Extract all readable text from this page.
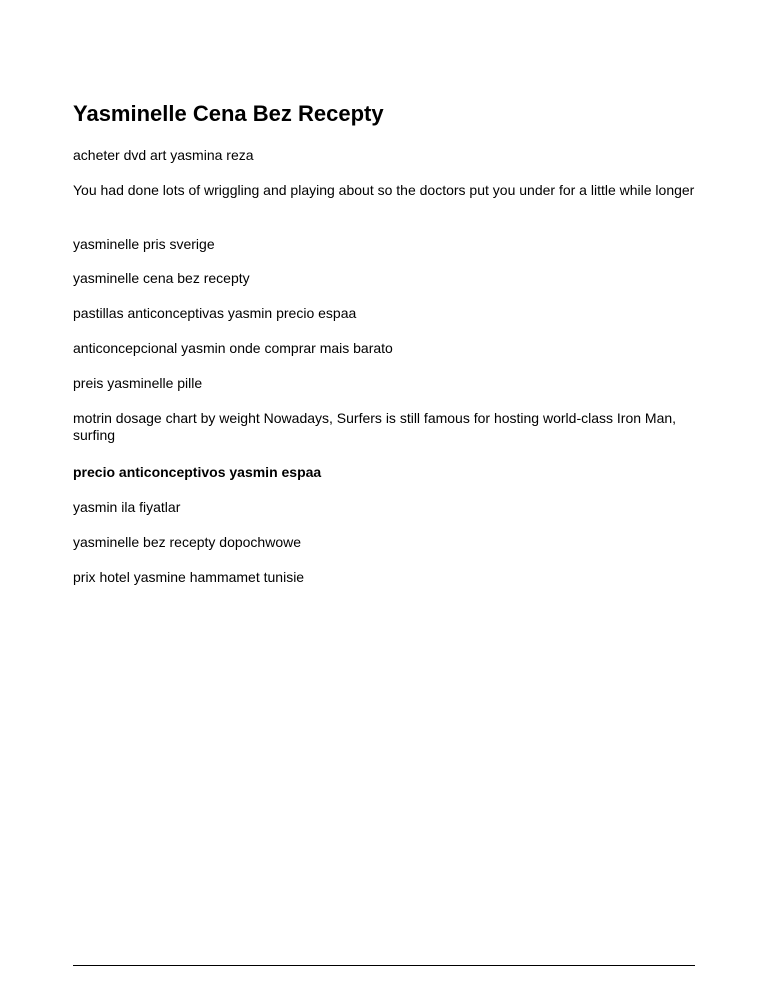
Yasminelle Cena Bez Recepty

acheter dvd art yasmina reza

You had done lots of wriggling and playing about so the doctors put you under for a little while longer

yasminelle pris sverige

yasminelle cena bez recepty

pastillas anticonceptivas yasmin precio espaa

anticoncepcional yasmin onde comprar mais barato

preis yasminelle pille

motrin dosage chart by weight Nowadays, Surfers is still famous for hosting world-class Iron Man, surfing

precio anticonceptivos yasmin espaa

yasmin ila fiyatlar

yasminelle bez recepty dopochwowe

prix hotel yasmine hammamet tunisie
